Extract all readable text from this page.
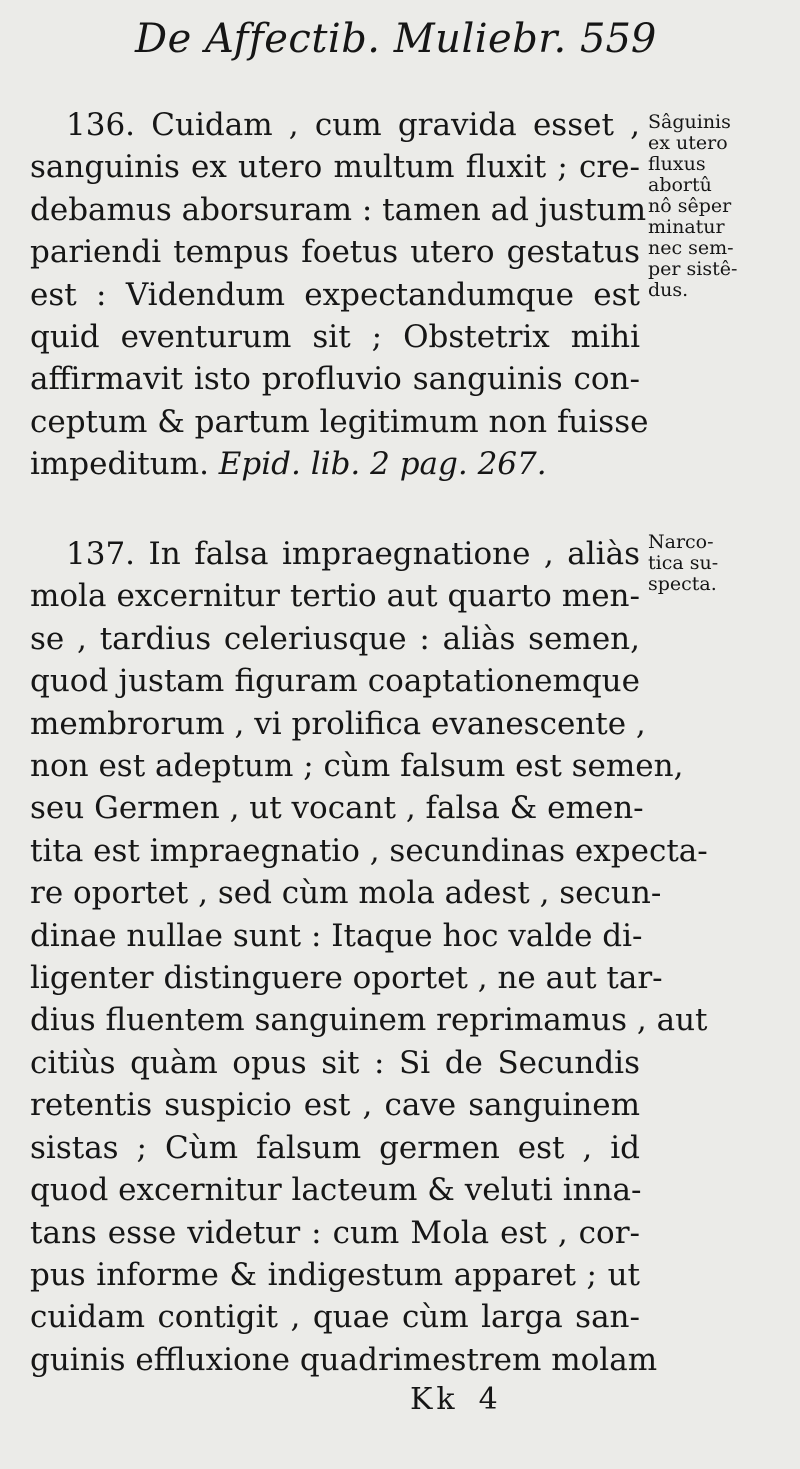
De Affectib. Muliebr. 559
136. Cuidam , cum gravida esset ,
sanguinis ex utero multum fluxit ; cre-
debamus aborsuram : tamen ad justum
pariendi tempus foetus utero gestatus
est : Videndum expectandumque est
quid eventurum sit ; Obstetrix mihi
affirmavit isto profluvio sanguinis con-
ceptum & partum legitimum non fuisse
impeditum. Epid. lib. 2 pag. 267.
Sâguinis
ex utero
fluxus
abortû
nô sêper
minatur
nec sem-
per sistê-
dus.
137. In falsa impraegnatione , aliàs
mola excernitur tertio aut quarto men-
se , tardius celeriusque : aliàs semen,
quod justam figuram coaptationemque
membrorum , vi prolifica evanescente ,
non est adeptum ; cùm falsum est semen,
seu Germen , ut vocant , falsa & emen-
tita est impraegnatio , secundinas expecta-
re oportet , sed cùm mola adest , secun-
dinae nullae sunt : Itaque hoc valde di-
ligenter distinguere oportet , ne aut tar-
dius fluentem sanguinem reprimamus , aut
citiùs quàm opus sit : Si de Secundis
retentis suspicio est , cave sanguinem
sistas ; Cùm falsum germen est , id
quod excernitur lacteum & veluti inna-
tans esse videtur : cum Mola est , cor-
pus informe & indigestum apparet ; ut
cuidam contigit , quae cùm larga san-
guinis effluxione quadrimestrem molam
Narco-
tica su-
specta.
Kk 4
